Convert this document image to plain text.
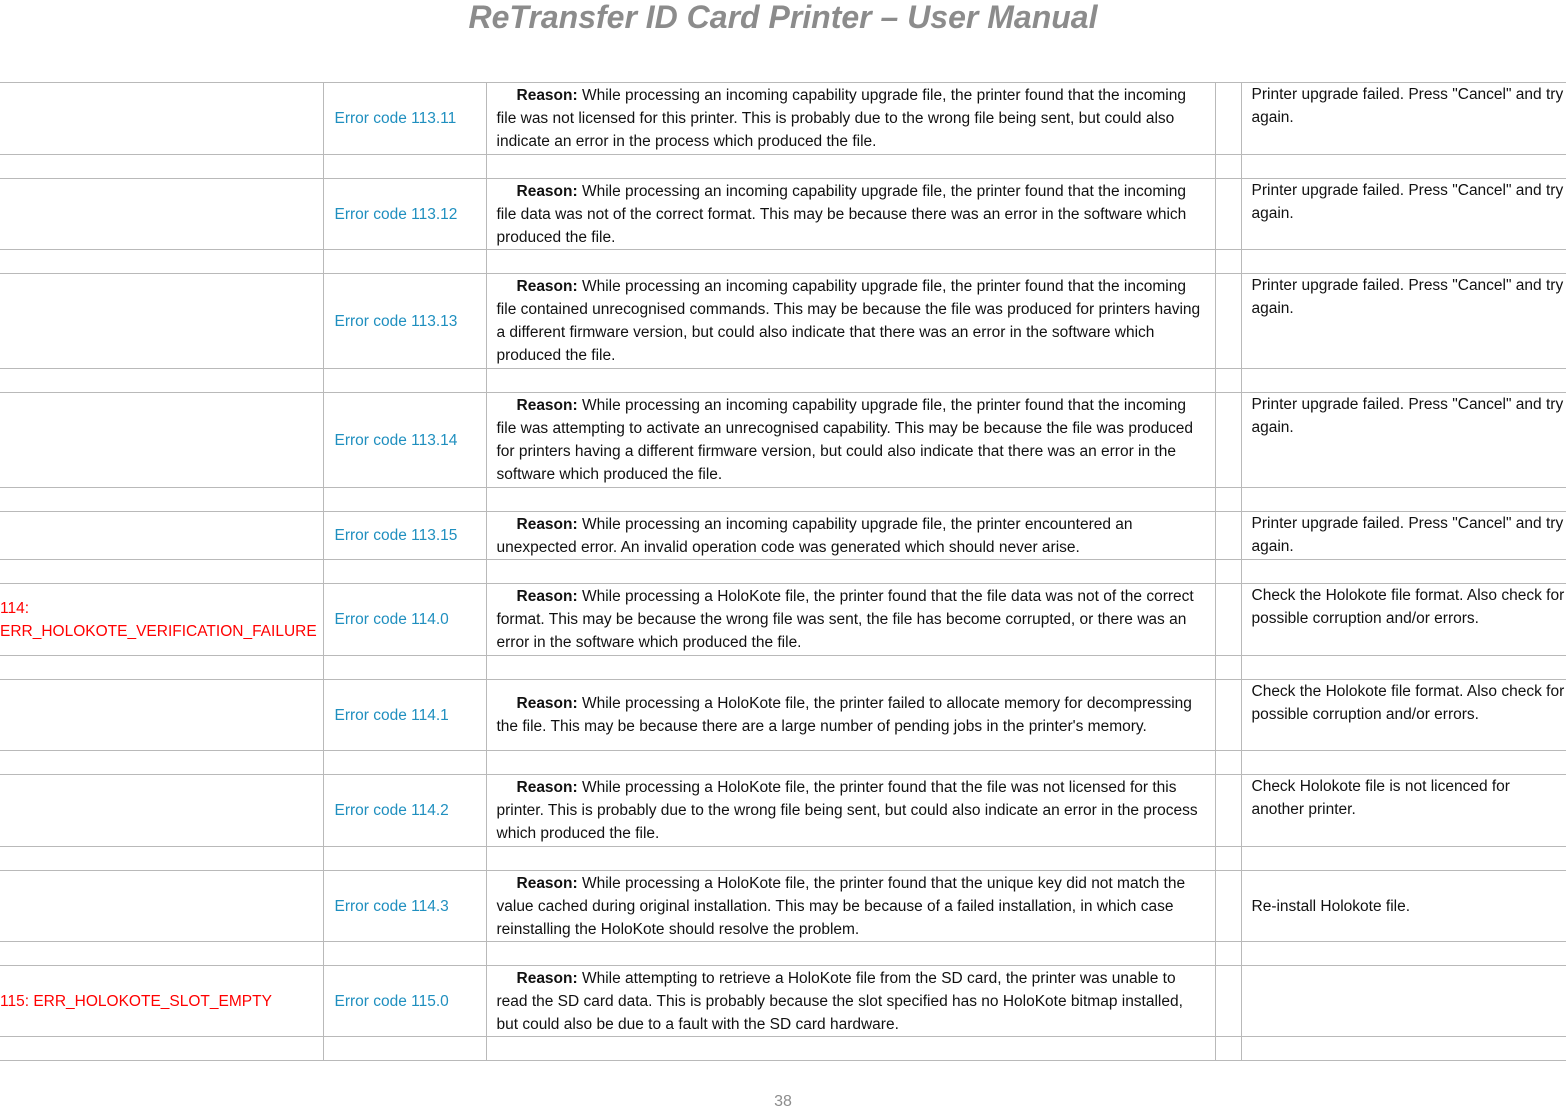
ReTransfer ID Card Printer – User Manual
	Error code 113.11	Reason: While processing an incoming capability upgrade file, the printer found that the incoming file was not licensed for this printer. This is probably due to the wrong file being sent, but could also indicate an error in the process which produced the file.		Printer upgrade failed. Press "Cancel" and try again.

	Error code 113.12	Reason: While processing an incoming capability upgrade file, the printer found that the incoming file data was not of the correct format. This may be because there was an error in the software which produced the file.		Printer upgrade failed. Press "Cancel" and try again.

	Error code 113.13	Reason: While processing an incoming capability upgrade file, the printer found that the incoming file contained unrecognised commands. This may be because the file was produced for printers having a different firmware version, but could also indicate that there was an error in the software which produced the file.		Printer upgrade failed. Press "Cancel" and try again.

	Error code 113.14	Reason: While processing an incoming capability upgrade file, the printer found that the incoming file was attempting to activate an unrecognised capability. This may be because the file was produced for printers having a different firmware version, but could also indicate that there was an error in the software which produced the file.		Printer upgrade failed. Press "Cancel" and try again.

	Error code 113.15	Reason: While processing an incoming capability upgrade file, the printer encountered an unexpected error. An invalid operation code was generated which should never arise.		Printer upgrade failed. Press "Cancel" and try again.

114: ERR_HOLOKOTE_VERIFICATION_FAILURE	Error code 114.0	Reason: While processing a HoloKote file, the printer found that the file data was not of the correct format. This may be because the wrong file was sent, the file has become corrupted, or there was an error in the software which produced the file.		Check the Holokote file format. Also check for possible corruption and/or errors.

	Error code 114.1	Reason: While processing a HoloKote file, the printer failed to allocate memory for decompressing the file. This may be because there are a large number of pending jobs in the printer's memory.		Check the Holokote file format. Also check for possible corruption and/or errors.

	Error code 114.2	Reason: While processing a HoloKote file, the printer found that the file was not licensed for this printer. This is probably due to the wrong file being sent, but could also indicate an error in the process which produced the file.		Check Holokote file is not licenced for another printer.

	Error code 114.3	Reason: While processing a HoloKote file, the printer found that the unique key did not match the value cached during original installation. This may be because of a failed installation, in which case reinstalling the HoloKote should resolve the problem.		Re-install Holokote file.

115: ERR_HOLOKOTE_SLOT_EMPTY	Error code 115.0	Reason: While attempting to retrieve a HoloKote file from the SD card, the printer was unable to read the SD card data. This is probably because the slot specified has no HoloKote bitmap installed, but could also be due to a fault with the SD card hardware.		

38
